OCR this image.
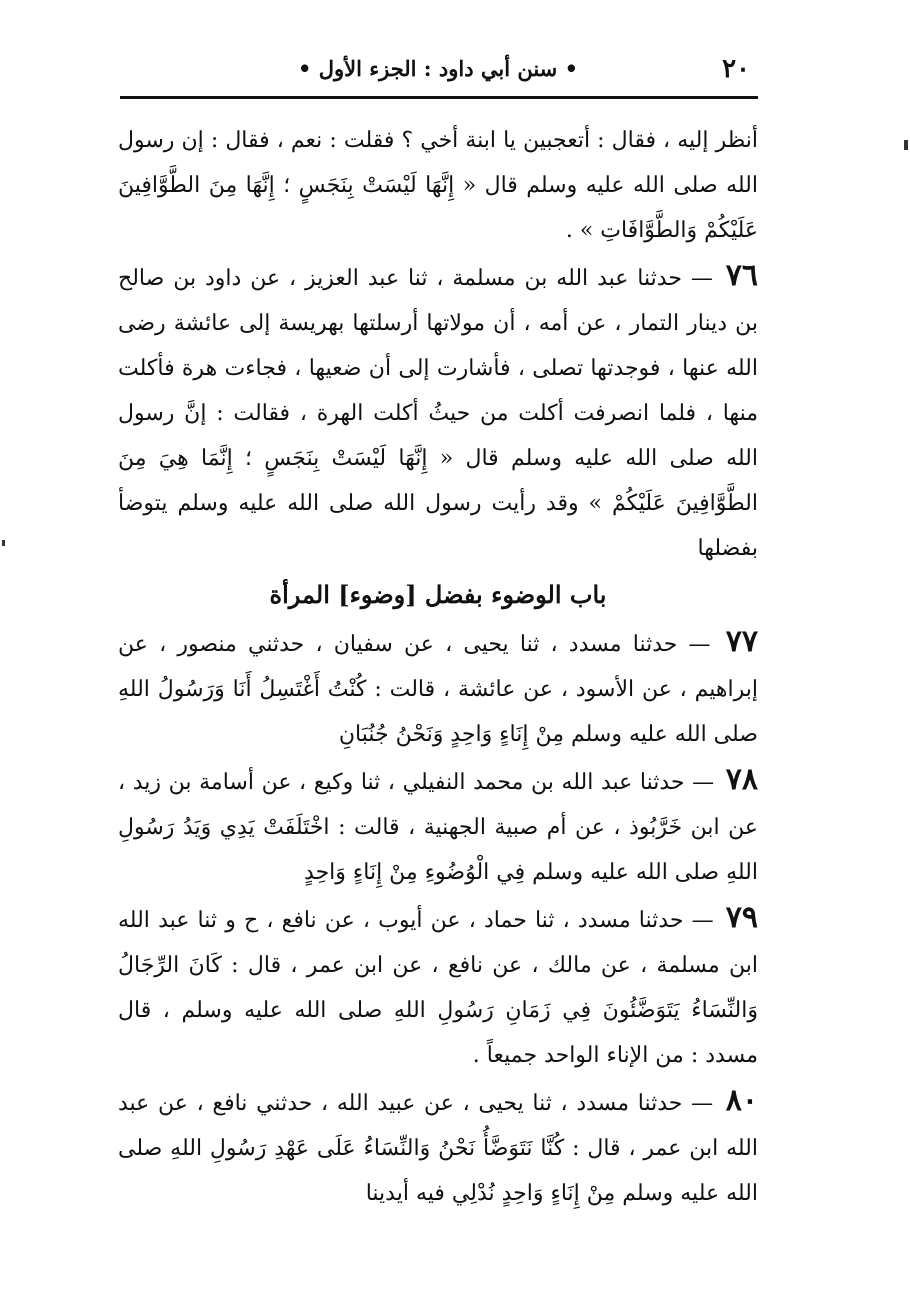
٢٠
• سنن أبي داود : الجزء الأول •

أنظر إليه ، فقال : أتعجبين يا ابنة أخي ؟ فقلت : نعم ، فقال : إن رسول الله صلى الله عليه وسلم قال « إِنَّهَا لَيْسَتْ بِنَجَسٍ ؛ إِنَّهَا مِنَ الطَّوَّافِينَ عَلَيْكُمْ وَالطَّوَّافَاتِ » .

٧٦ — حدثنا عبد الله بن مسلمة ، ثنا عبد العزيز ، عن داود بن صالح بن دينار التمار ، عن أمه ، أن مولاتها أرسلتها بهريسة إلى عائشة رضى الله عنها ، فوجدتها تصلى ، فأشارت إلى أن ضعيها ، فجاءت هرة فأكلت منها ، فلما انصرفت أكلت من حيثُ أكلت الهرة ، فقالت : إنَّ رسول الله صلى الله عليه وسلم قال « إِنَّهَا لَيْسَتْ بِنَجَسٍ ؛ إِنَّمَا هِيَ مِنَ الطَّوَّافِينَ عَلَيْكُمْ » وقد رأيت رسول الله صلى الله عليه وسلم يتوضأ بفضلها

باب الوضوء بفضل [وضوء] المرأة

٧٧ — حدثنا مسدد ، ثنا يحيى ، عن سفيان ، حدثني منصور ، عن إبراهيم ، عن الأسود ، عن عائشة ، قالت : كُنْتُ أَغْتَسِلُ أَنَا وَرَسُولُ اللهِ صلى الله عليه وسلم مِنْ إِنَاءٍ وَاحِدٍ وَنَحْنُ جُنُبَانِ

٧٨ — حدثنا عبد الله بن محمد النفيلي ، ثنا وكيع ، عن أسامة بن زيد ، عن ابن خَرَّبُوذ ، عن أم صبية الجهنية ، قالت : اخْتَلَفَتْ يَدِي وَيَدُ رَسُولِ اللهِ صلى الله عليه وسلم فِي الْوُضُوءِ مِنْ إِنَاءٍ وَاحِدٍ

٧٩ — حدثنا مسدد ، ثنا حماد ، عن أيوب ، عن نافع ، ح و ثنا عبد الله ابن مسلمة ، عن مالك ، عن نافع ، عن ابن عمر ، قال : كَانَ الرِّجَالُ وَالنِّسَاءُ يَتَوَضَّئُونَ فِي زَمَانِ رَسُولِ اللهِ صلى الله عليه وسلم ، قال مسدد : من الإناء الواحد جميعاً .

٨٠ — حدثنا مسدد ، ثنا يحيى ، عن عبيد الله ، حدثني نافع ، عن عبد الله ابن عمر ، قال : كُنَّا نَتَوَضَّأُ نَحْنُ وَالنِّسَاءُ عَلَى عَهْدِ رَسُولِ اللهِ صلى الله عليه وسلم مِنْ إِنَاءٍ وَاحِدٍ نُدْلِي فيه أيدينا
